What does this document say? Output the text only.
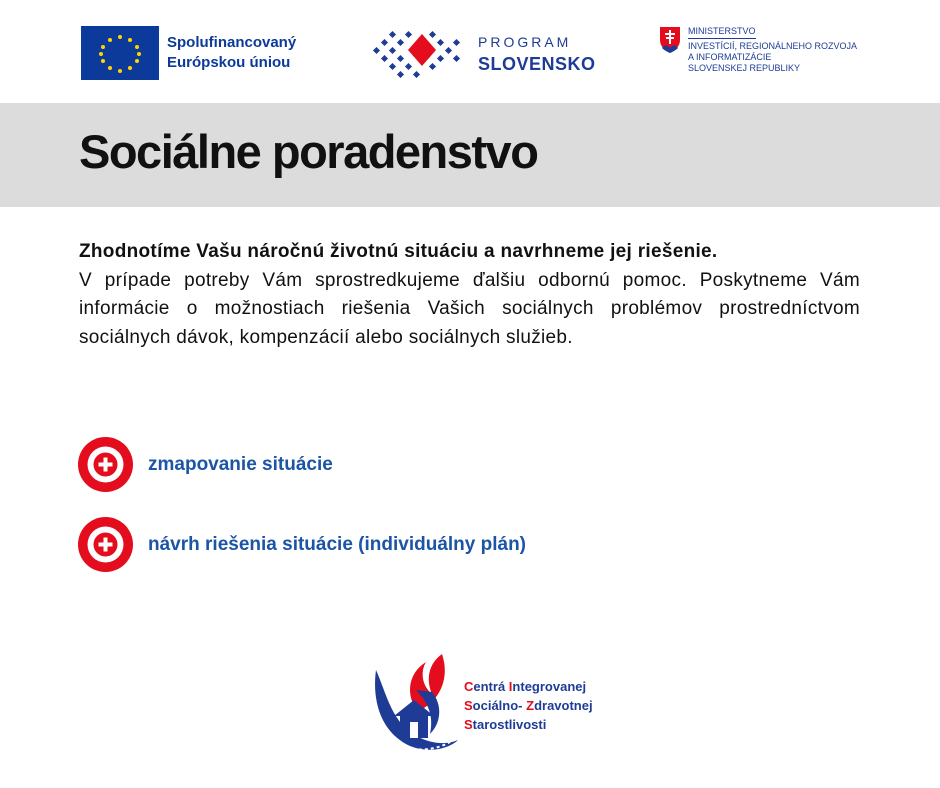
Spolufinancovaný Európskou úniou
PROGRAM
SLOVENSKO
MINISTERSTVO
INVESTÍCIÍ, REGIONÁLNEHO ROZVOJA
A INFORMATIZÁCIE
SLOVENSKEJ REPUBLIKY
Sociálne poradenstvo
Zhodnotíme Vašu náročnú životnú situáciu a navrhneme jej riešenie.
V prípade potreby Vám sprostredkujeme ďalšiu odbornú pomoc. Poskytneme Vám informácie o možnostiach riešenia Vašich sociálnych problémov prostredníctvom sociálnych dávok, kompenzácií alebo sociálnych služieb.
zmapovanie situácie
návrh riešenia situácie (individuálny plán)
Centrá Integrovanej
Sociálno- Zdravotnej
Starostlivosti
